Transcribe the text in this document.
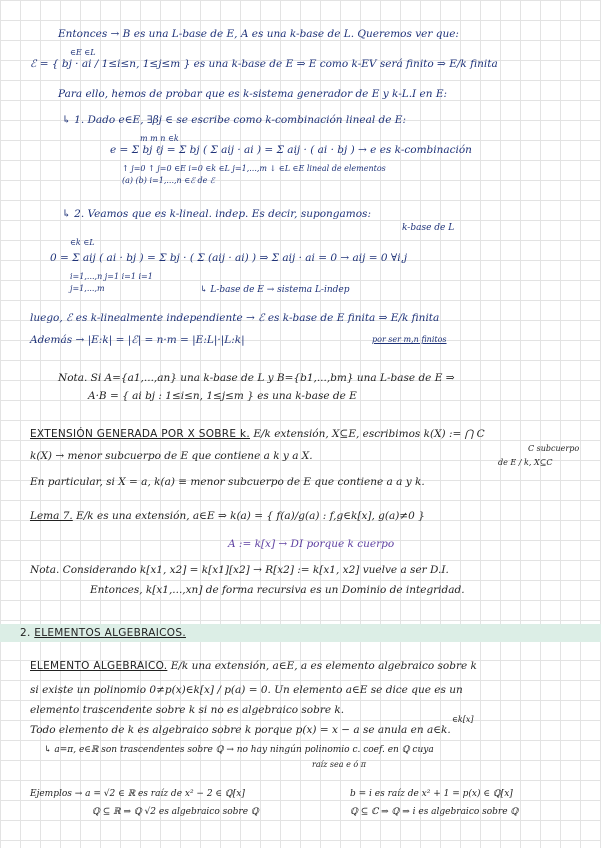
Entonces → B es una L-base de E, A es una k-base de L. Queremos ver que:
∈E ∈L
ℰ = { bj · ai / 1≤i≤n, 1≤j≤m } es una k-base de E ⇒ E como k-EV será finito ⇒ E/k finita
Para ello, hemos de probar que es k-sistema generador de E y k-L.I en E:
↳ 1. Dado e∈E, ∃βj ∈ se escribe como k-combinación lineal de E:
m m n ∈k
e = Σ bj ℓj = Σ bj ( Σ aij · ai ) = Σ aij · ( ai · bj ) → e es k-combinación
↑ j=0 ↑ j=0 ∈E i=0 ∈k ∈L j=1,...,m ↓ ∈L ∈E lineal de elementos
(a) (b) i=1,...,n ∈ℰ de ℰ
↳ 2. Veamos que es k-lineal. indep. Es decir, supongamos:
k-base de L
∈k ∈L
0 = Σ aij ( ai · bj ) = Σ bj · ( Σ (aij · ai) ) ⇒ Σ aij · ai = 0 → aij = 0 ∀i,j
i=1,...,n j=1 i=1 i=1
j=1,...,m	↳ L-base de E → sistema L-indep
luego, ℰ es k-linealmente independiente → ℰ es k-base de E finita ⇒ E/k finita
Además → |E:k| = |ℰ| = n·m = |E:L|·|L:k|	por ser m,n finitos
Nota. Si A={a1,...,an} una k-base de L y B={b1,...,bm} una L-base de E ⇒
A·B = { ai bj : 1≤i≤n, 1≤j≤m } es una k-base de E
EXTENSIÓN GENERADA POR X SOBRE k. E/k extensión, X⊆E, escribimos k(X) := ⋂ C
C subcuerpo
k(X) → menor subcuerpo de E que contiene a k y a X.
de E / k, X⊆C
En particular, si X = a, k(a) ≡ menor subcuerpo de E que contiene a a y k.
Lema 7. E/k es una extensión, a∈E ⇒ k(a) = { f(a)/g(a) : f,g∈k[x], g(a)≠0 }
A := k[x] → DI porque k cuerpo
Nota. Considerando k[x1, x2] = k[x1][x2] → R[x2] := k[x1, x2] vuelve a ser D.I.
Entonces, k[x1,...,xn] de forma recursiva es un Dominio de integridad.
2. ELEMENTOS ALGEBRAICOS.
ELEMENTO ALGEBRAICO. E/k una extensión, a∈E, a es elemento algebraico sobre k
si existe un polinomio 0≠p(x)∈k[x] / p(a) = 0. Un elemento a∈E se dice que es un
elemento trascendente sobre k si no es algebraico sobre k.
∈k[x]
Todo elemento de k es algebraico sobre k porque p(x) = x − a se anula en a∈k.
↳ a=π, e∈ℝ son trascendentes sobre ℚ → no hay ningún polinomio c. coef. en ℚ cuya
raíz sea e ó π
Ejemplos → a = √2 ∈ ℝ es raíz de x² − 2 ∈ ℚ[x]
ℚ ⊆ ℝ ⇒ ℚ √2 es algebraico sobre ℚ
b = i es raíz de x² + 1 = p(x) ∈ ℚ[x]
ℚ ⊆ ℂ ⇒ ℚ ⇒ i es algebraico sobre ℚ
